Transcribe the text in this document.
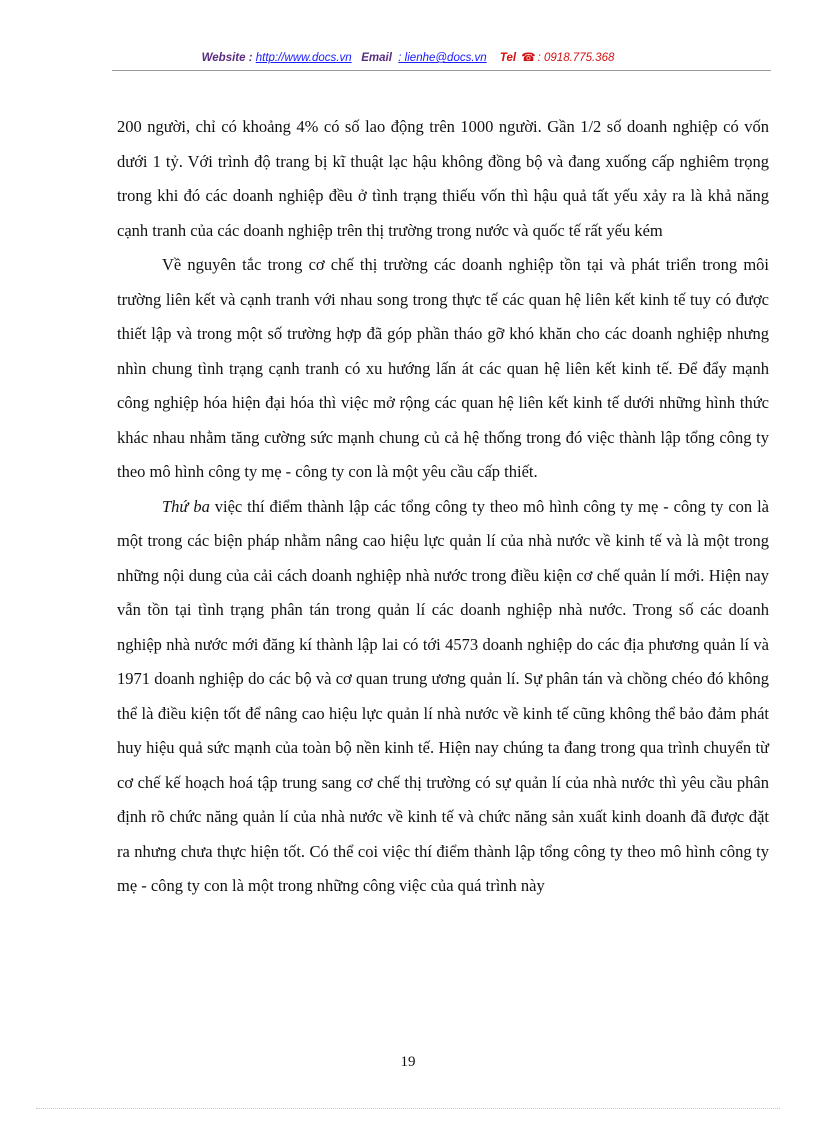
Website : http://www.docs.vn Email : lienhe@docs.vn Tel ☎ : 0918.775.368

200 người, chỉ có khoảng 4% có số lao động trên 1000 người. Gần 1/2 số doanh nghiệp có vốn dưới 1 tỷ. Với trình độ trang bị kĩ thuật lạc hậu không đồng bộ và đang xuống cấp nghiêm trọng trong khi đó các doanh nghiệp đều ở tình trạng thiếu vốn thì hậu quả tất yếu xảy ra là khả năng cạnh tranh của các doanh nghiệp trên thị trường trong nước và quốc tế rất yếu kém

Về nguyên tắc trong cơ chế thị trường các doanh nghiệp tồn tại và phát triển trong môi trường liên kết và cạnh tranh với nhau song trong thực tế các quan hệ liên kết kinh tế tuy có được thiết lập và trong một số trường hợp đã góp phần tháo gỡ khó khăn cho các doanh nghiệp nhưng nhìn chung tình trạng cạnh tranh có xu hướng lấn át các quan hệ liên kết kinh tế. Để đẩy mạnh công nghiệp hóa hiện đại hóa thì việc mở rộng các quan hệ liên kết kinh tế dưới những hình thức khác nhau nhằm tăng cường sức mạnh chung củ cả hệ thống trong đó việc thành lập tổng công ty theo mô hình công ty mẹ - công ty con là một yêu cầu cấp thiết.

Thứ ba việc thí điểm thành lập các tổng công ty theo mô hình công ty mẹ - công ty con là một trong các biện pháp nhằm nâng cao hiệu lực quản lí của nhà nước về kinh tế và là một trong những nội dung của cải cách doanh nghiệp nhà nước trong điều kiện cơ chế quản lí mới. Hiện nay vẫn tồn tại tình trạng phân tán trong quản lí các doanh nghiệp nhà nước. Trong số các doanh nghiệp nhà nước mới đăng kí thành lập lai có tới 4573 doanh nghiệp do các địa phương quản lí và 1971 doanh nghiệp do các bộ và cơ quan trung ương quản lí. Sự phân tán và chồng chéo đó không thể là điều kiện tốt để nâng cao hiệu lực quản lí nhà nước về kinh tế cũng không thể bảo đảm phát huy hiệu quả sức mạnh của toàn bộ nền kinh tế. Hiện nay chúng ta đang trong qua trình chuyển từ cơ chế kế hoạch hoá tập trung sang cơ chế thị trường có sự quản lí của nhà nước thì yêu cầu phân định rõ chức năng quản lí của nhà nước về kinh tế và chức năng sản xuất kinh doanh đã được đặt ra nhưng chưa thực hiện tốt. Có thể coi việc thí điểm thành lập tổng công ty theo mô hình công ty mẹ - công ty con là một trong những công việc của quá trình này

19
